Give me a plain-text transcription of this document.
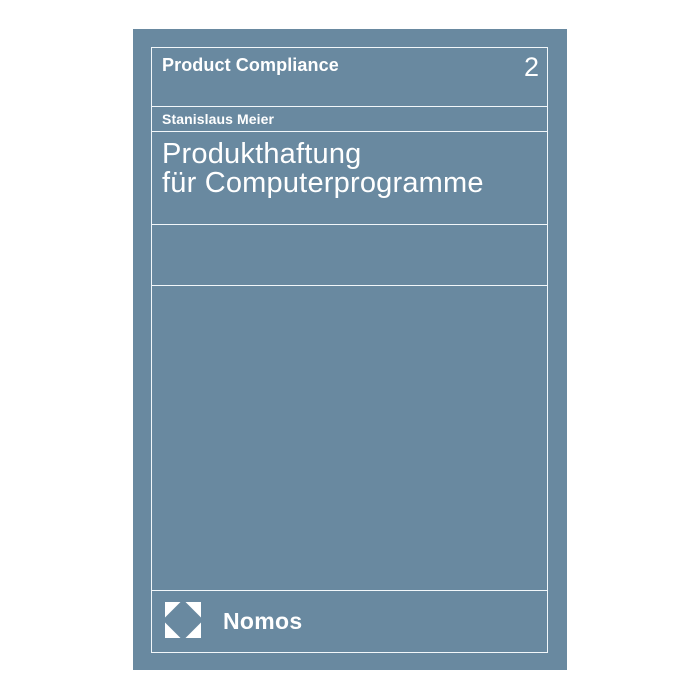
Product Compliance	2
Stanislaus Meier
Produkthaftung
für Computerprogramme
Nomos
